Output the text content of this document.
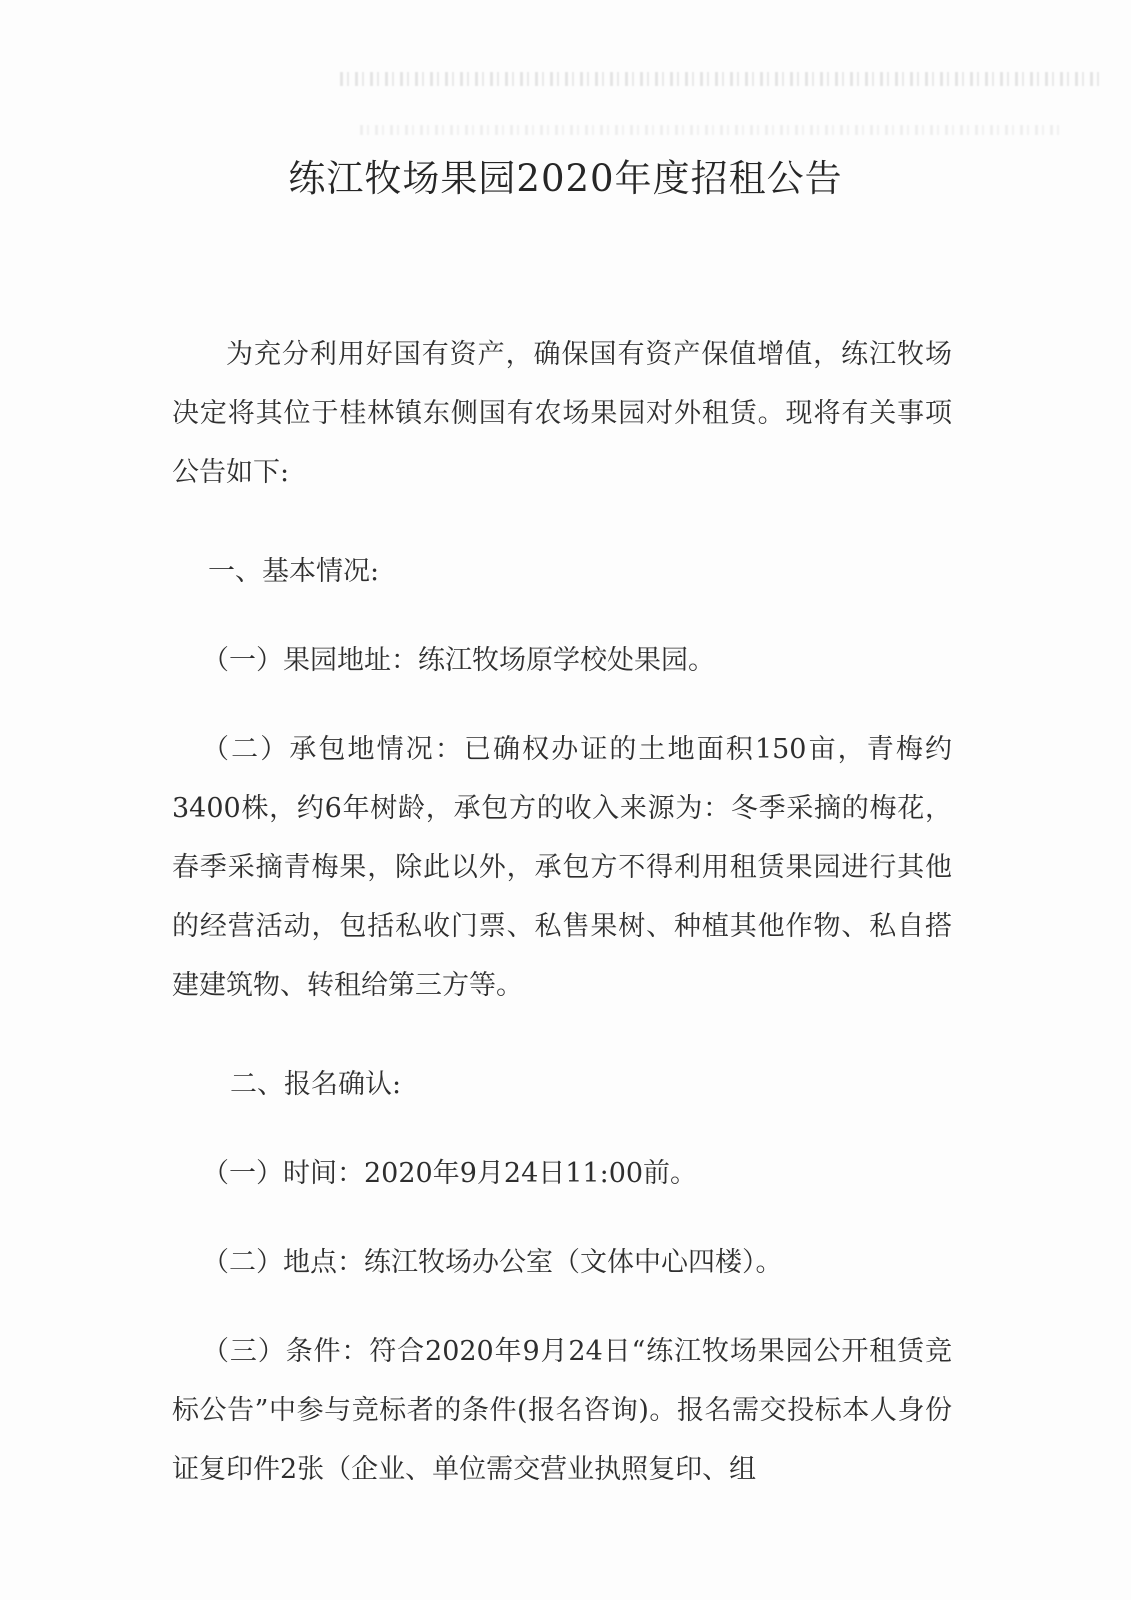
练江牧场果园2020年度招租公告

为充分利用好国有资产，确保国有资产保值增值，练江牧场决定将其位于桂林镇东侧国有农场果园对外租赁。现将有关事项公告如下:

一、基本情况:

（一）果园地址：练江牧场原学校处果园。

（二）承包地情况：已确权办证的土地面积150亩，青梅约3400株，约6年树龄，承包方的收入来源为：冬季采摘的梅花，春季采摘青梅果，除此以外，承包方不得利用租赁果园进行其他的经营活动，包括私收门票、私售果树、种植其他作物、私自搭建建筑物、转租给第三方等。

二、报名确认:

（一）时间：2020年9月24日11:00前。

（二）地点：练江牧场办公室（文体中心四楼）。

（三）条件：符合2020年9月24日“练江牧场果园公开租赁竞标公告”中参与竞标者的条件(报名咨询)。报名需交投标本人身份证复印件2张（企业、单位需交营业执照复印、组
